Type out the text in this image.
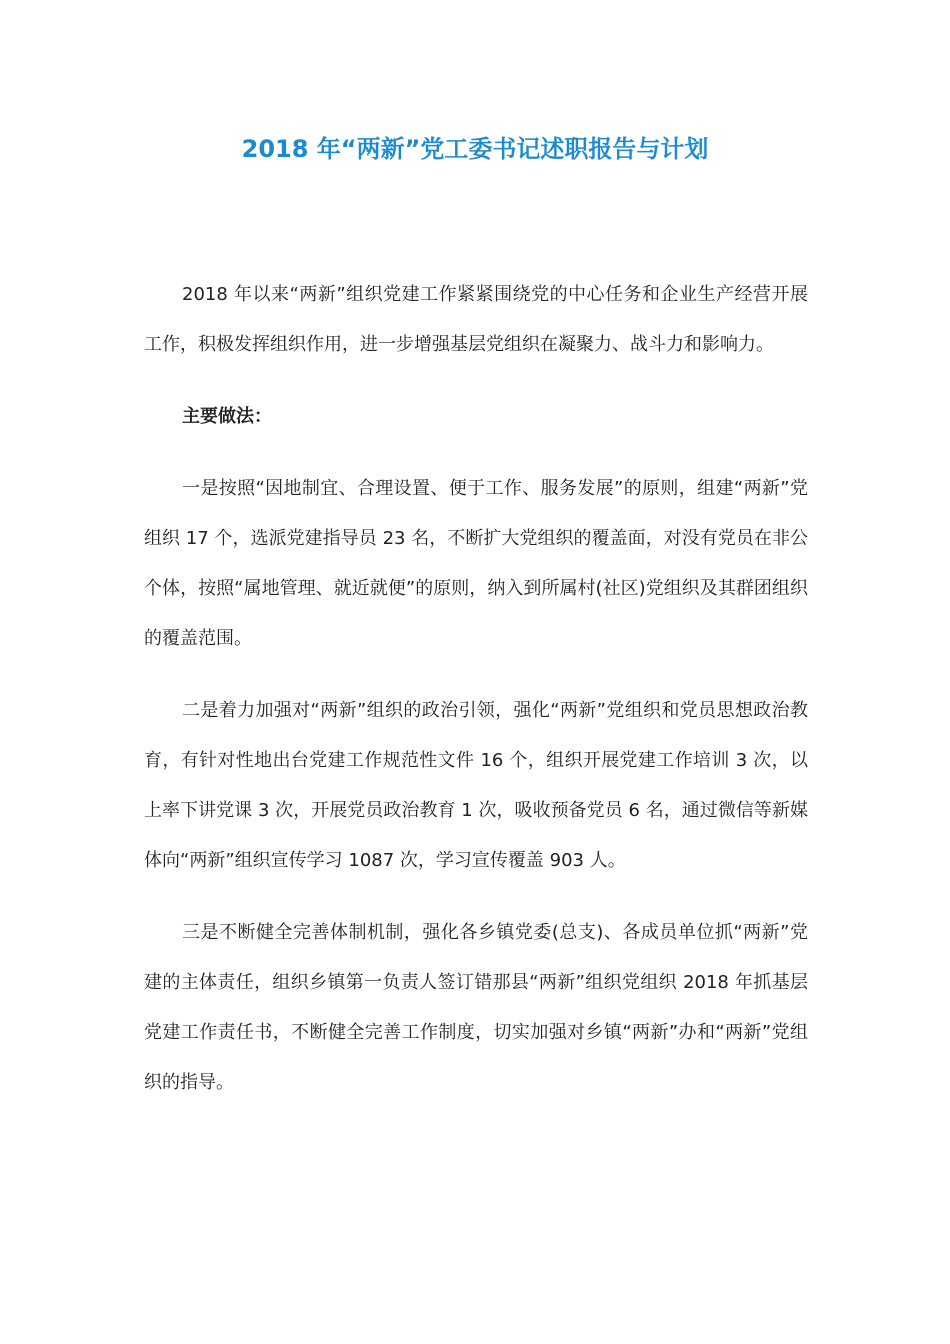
2018 年“两新”党工委书记述职报告与计划

2018 年以来“两新”组织党建工作紧紧围绕党的中心任务和企业生产经营开展工作，积极发挥组织作用，进一步增强基层党组织在凝聚力、战斗力和影响力。

主要做法：

一是按照“因地制宜、合理设置、便于工作、服务发展”的原则，组建“两新”党组织 17 个，选派党建指导员 23 名，不断扩大党组织的覆盖面，对没有党员在非公个体，按照“属地管理、就近就便”的原则，纳入到所属村(社区)党组织及其群团组织的覆盖范围。

二是着力加强对“两新”组织的政治引领，强化“两新”党组织和党员思想政治教育，有针对性地出台党建工作规范性文件 16 个，组织开展党建工作培训 3 次，以上率下讲党课 3 次，开展党员政治教育 1 次，吸收预备党员 6 名，通过微信等新媒体向“两新”组织宣传学习 1087 次，学习宣传覆盖 903 人。

三是不断健全完善体制机制，强化各乡镇党委(总支)、各成员单位抓“两新”党建的主体责任，组织乡镇第一负责人签订错那县“两新”组织党组织 2018 年抓基层党建工作责任书，不断健全完善工作制度，切实加强对乡镇“两新”办和“两新”党组织的指导。
